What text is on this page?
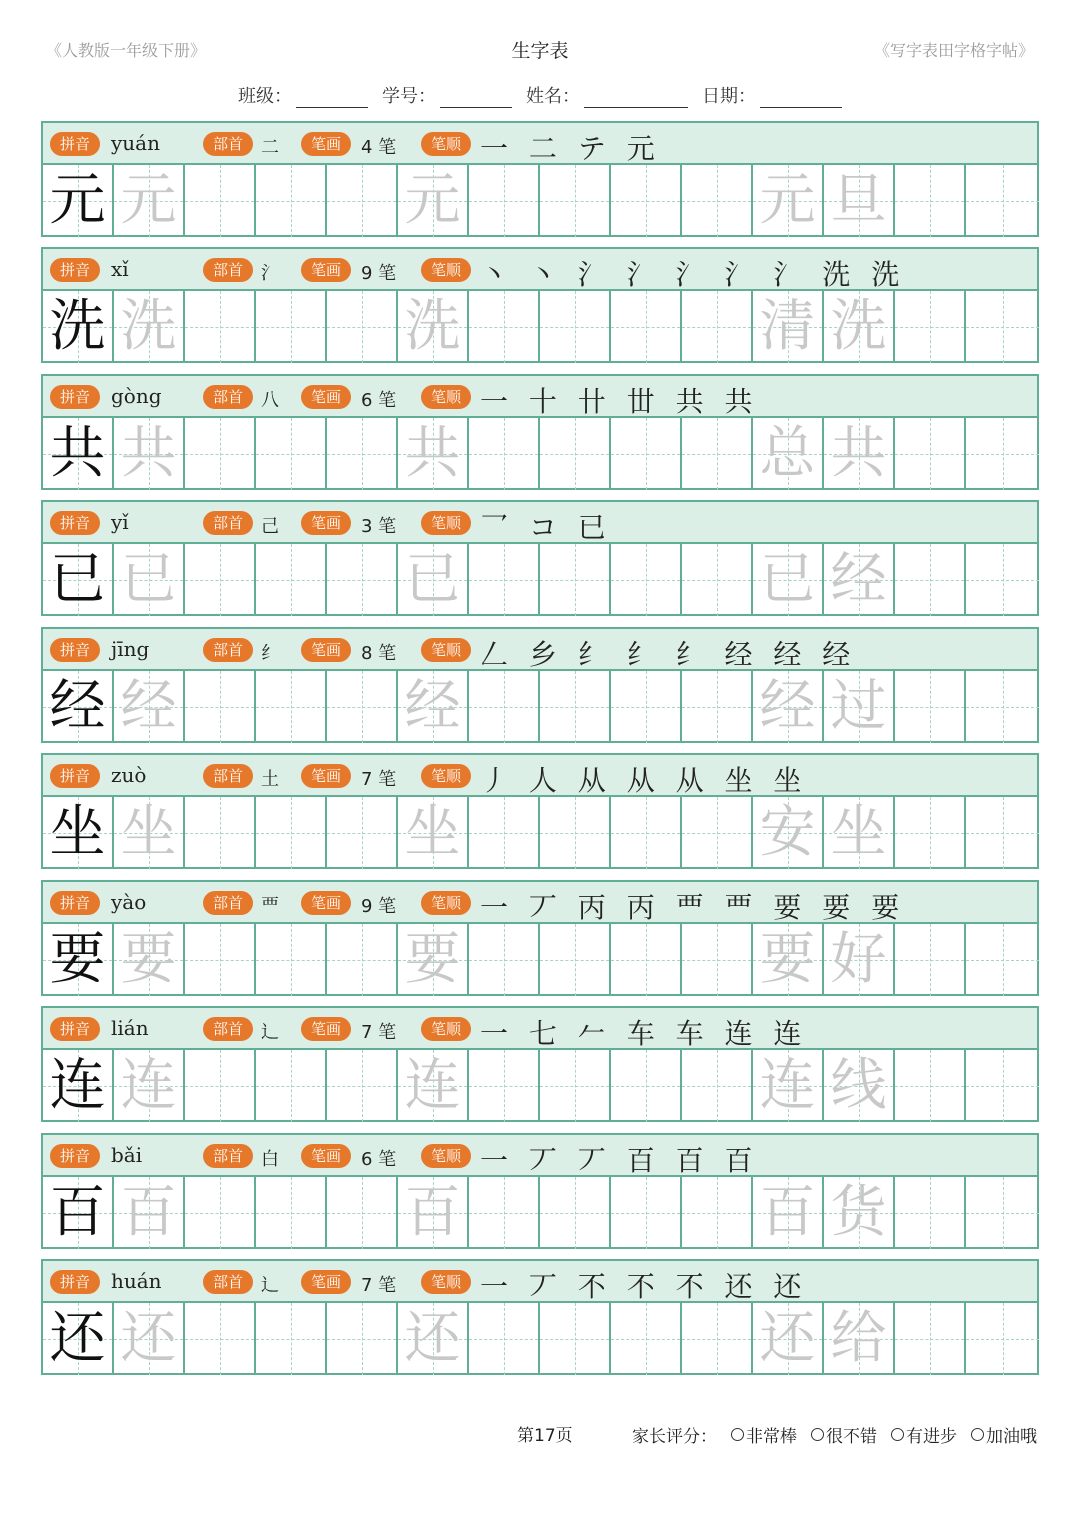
《人教版一年级下册》	生字表	《写字表田字格字帖》
班级：	学号：	姓名：	日期：
拼音	yuán	部首	二	笔画	4 笔	笔顺 一 二 テ 元
元 元	元	元 旦
拼音	xǐ	部首	氵	笔画	9 笔	笔顺 丶 丶 氵 氵 氵 氵 氵 洗 洗
洗 洗	洗	清 洗
拼音	gòng	部首	八	笔画	6 笔	笔顺 一 十 卄 丗 共 共
共 共	共	总 共
拼音	yǐ	部首	己	笔画	3 笔	笔顺 乛 コ 已
已 已	已	已 经
拼音	jīng	部首	纟	笔画	8 笔	笔顺 𠃋 乡 纟 纟 纟 经 经 经
经 经	经	经 过
拼音	zuò	部首	土	笔画	7 笔	笔顺 丿 人 从 从 从 坐 坐
坐 坐	坐	安 坐
拼音	yào	部首	覀	笔画	9 笔	笔顺 一 丆 丙 丙 覀 覀 要 要 要
要 要	要	要 好
拼音	lián	部首	辶	笔画	7 笔	笔顺 一 七 𠂉 车 车 连 连
连 连	连	连 线
拼音	bǎi	部首	白	笔画	6 笔	笔顺 一 丆 丆 百 百 百
百 百	百	百 货
拼音	huán	部首	辶	笔画	7 笔	笔顺 一 丆 不 不 不 还 还
还 还	还	还 给
第17页	家长评分： 非常棒 很不错 有进步 加油哦
